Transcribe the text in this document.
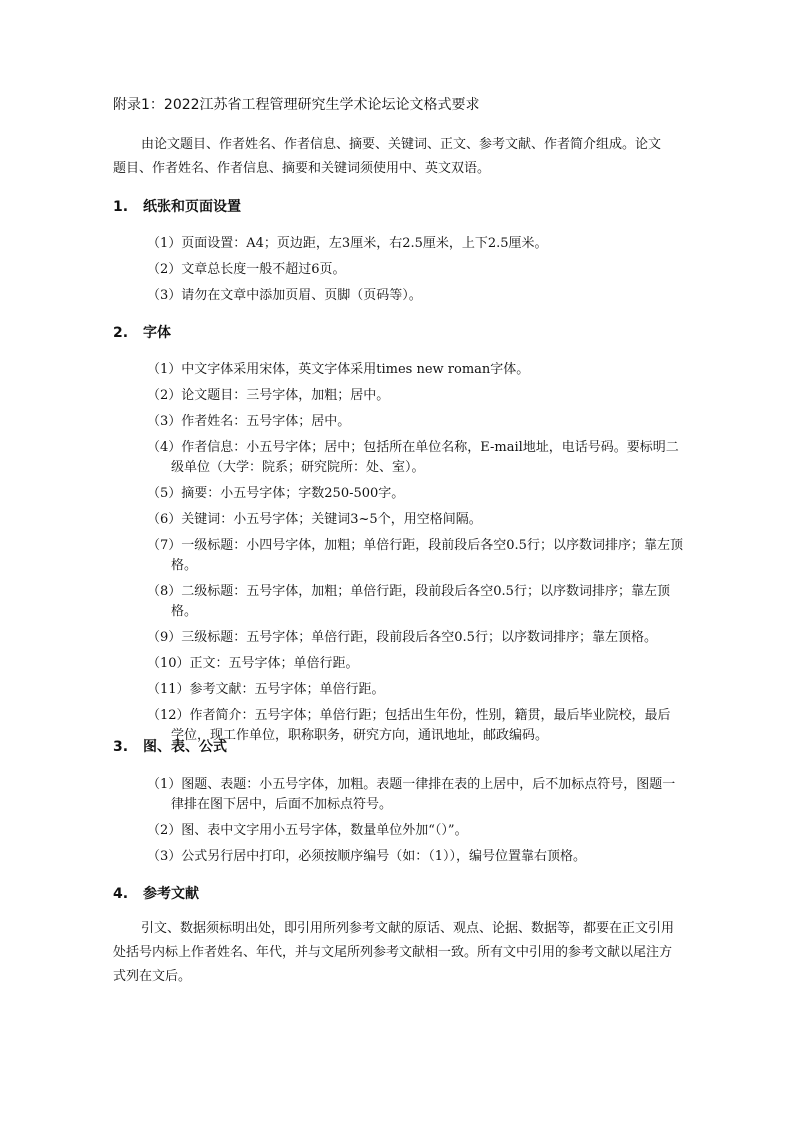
附录1：2022江苏省工程管理研究生学术论坛论文格式要求
由论文题目、作者姓名、作者信息、摘要、关键词、正文、参考文献、作者简介组成。论文
题目、作者姓名、作者信息、摘要和关键词须使用中、英文双语。
1. 纸张和页面设置
（1）页面设置：A4；页边距，左3厘米，右2.5厘米，上下2.5厘米。
（2）文章总长度一般不超过6页。
（3）请勿在文章中添加页眉、页脚（页码等）。
2. 字体
（1）中文字体采用宋体，英文字体采用times new roman字体。
（2）论文题目：三号字体，加粗；居中。
（3）作者姓名：五号字体；居中。
（4）作者信息：小五号字体；居中；包括所在单位名称，E-mail地址，电话号码。要标明二
级单位（大学：院系；研究院所：处、室）。
（5）摘要：小五号字体；字数250-500字。
（6）关键词：小五号字体；关键词3~5个，用空格间隔。
（7）一级标题：小四号字体，加粗；单倍行距，段前段后各空0.5行；以序数词排序；靠左顶
格。
（8）二级标题：五号字体，加粗；单倍行距，段前段后各空0.5行；以序数词排序；靠左顶
格。
（9）三级标题：五号字体；单倍行距，段前段后各空0.5行；以序数词排序；靠左顶格。
（10）正文：五号字体；单倍行距。
（11）参考文献：五号字体；单倍行距。
（12）作者简介：五号字体；单倍行距；包括出生年份，性别，籍贯，最后毕业院校，最后
学位，现工作单位，职称职务，研究方向，通讯地址，邮政编码。
3. 图、表、公式
（1）图题、表题：小五号字体，加粗。表题一律排在表的上居中，后不加标点符号，图题一
律排在图下居中，后面不加标点符号。
（2）图、表中文字用小五号字体，数量单位外加“（）”。
（3）公式另行居中打印，必须按顺序编号（如：（1）），编号位置靠右顶格。
4. 参考文献
引文、数据须标明出处，即引用所列参考文献的原话、观点、论据、数据等，都要在正文引用
处括号内标上作者姓名、年代，并与文尾所列参考文献相一致。所有文中引用的参考文献以尾注方
式列在文后。
